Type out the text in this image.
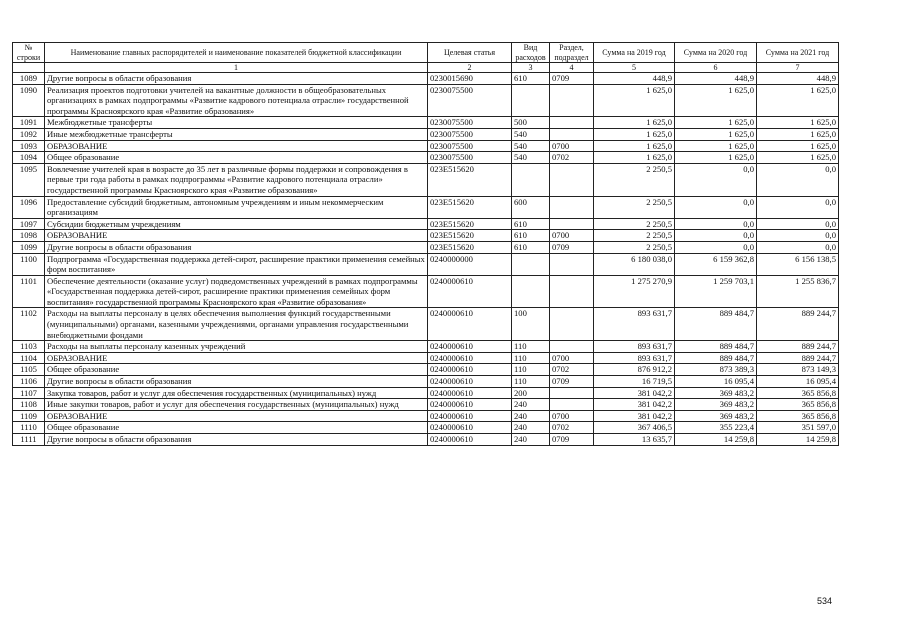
№ строки	Наименование главных распорядителей и наименование показателей бюджетной классификации	Целевая статья	Вид расходов	Раздел, подраздел	Сумма на 2019 год	Сумма на 2020 год	Сумма на 2021 год
	1	2	3	4	5	6	7
1089	Другие вопросы в области образования	0230015690	610	0709	448,9	448,9	448,9
1090	Реализация проектов подготовки учителей на вакантные должности в общеобразовательных организациях в рамках подпрограммы «Развитие кадрового потенциала отрасли» государственной программы Красноярского края «Развитие образования»	0230075500			1 625,0	1 625,0	1 625,0
1091	Межбюджетные трансферты	0230075500	500		1 625,0	1 625,0	1 625,0
1092	Иные межбюджетные трансферты	0230075500	540		1 625,0	1 625,0	1 625,0
1093	ОБРАЗОВАНИЕ	0230075500	540	0700	1 625,0	1 625,0	1 625,0
1094	Общее образование	0230075500	540	0702	1 625,0	1 625,0	1 625,0
1095	Вовлечение учителей края в возрасте до 35 лет в различные формы поддержки и сопровождения в первые три года работы в рамках подпрограммы «Развитие кадрового потенциала отрасли» государственной программы Красноярского края «Развитие образования»	023E515620			2 250,5	0,0	0,0
1096	Предоставление субсидий бюджетным, автономным учреждениям и иным некоммерческим организациям	023E515620	600		2 250,5	0,0	0,0
1097	Субсидии бюджетным учреждениям	023E515620	610		2 250,5	0,0	0,0
1098	ОБРАЗОВАНИЕ	023E515620	610	0700	2 250,5	0,0	0,0
1099	Другие вопросы в области образования	023E515620	610	0709	2 250,5	0,0	0,0
1100	Подпрограмма «Государственная поддержка детей-сирот, расширение практики применения семейных форм воспитания»	0240000000			6 180 038,0	6 159 362,8	6 156 138,5
1101	Обеспечение деятельности (оказание услуг) подведомственных учреждений в рамках подпрограммы «Государственная поддержка детей-сирот, расширение практики применения семейных форм воспитания» государственной программы Красноярского края «Развитие образования»	0240000610			1 275 270,9	1 259 703,1	1 255 836,7
1102	Расходы на выплаты персоналу в целях обеспечения выполнения функций государственными (муниципальными) органами, казенными учреждениями, органами управления государственными внебюджетными фондами	0240000610	100		893 631,7	889 484,7	889 244,7
1103	Расходы на выплаты персоналу казенных учреждений	0240000610	110		893 631,7	889 484,7	889 244,7
1104	ОБРАЗОВАНИЕ	0240000610	110	0700	893 631,7	889 484,7	889 244,7
1105	Общее образование	0240000610	110	0702	876 912,2	873 389,3	873 149,3
1106	Другие вопросы в области образования	0240000610	110	0709	16 719,5	16 095,4	16 095,4
1107	Закупка товаров, работ и услуг для обеспечения государственных (муниципальных) нужд	0240000610	200		381 042,2	369 483,2	365 856,8
1108	Иные закупки товаров, работ и услуг для обеспечения государственных (муниципальных) нужд	0240000610	240		381 042,2	369 483,2	365 856,8
1109	ОБРАЗОВАНИЕ	0240000610	240	0700	381 042,2	369 483,2	365 856,8
1110	Общее образование	0240000610	240	0702	367 406,5	355 223,4	351 597,0
1111	Другие вопросы в области образования	0240000610	240	0709	13 635,7	14 259,8	14 259,8
534
